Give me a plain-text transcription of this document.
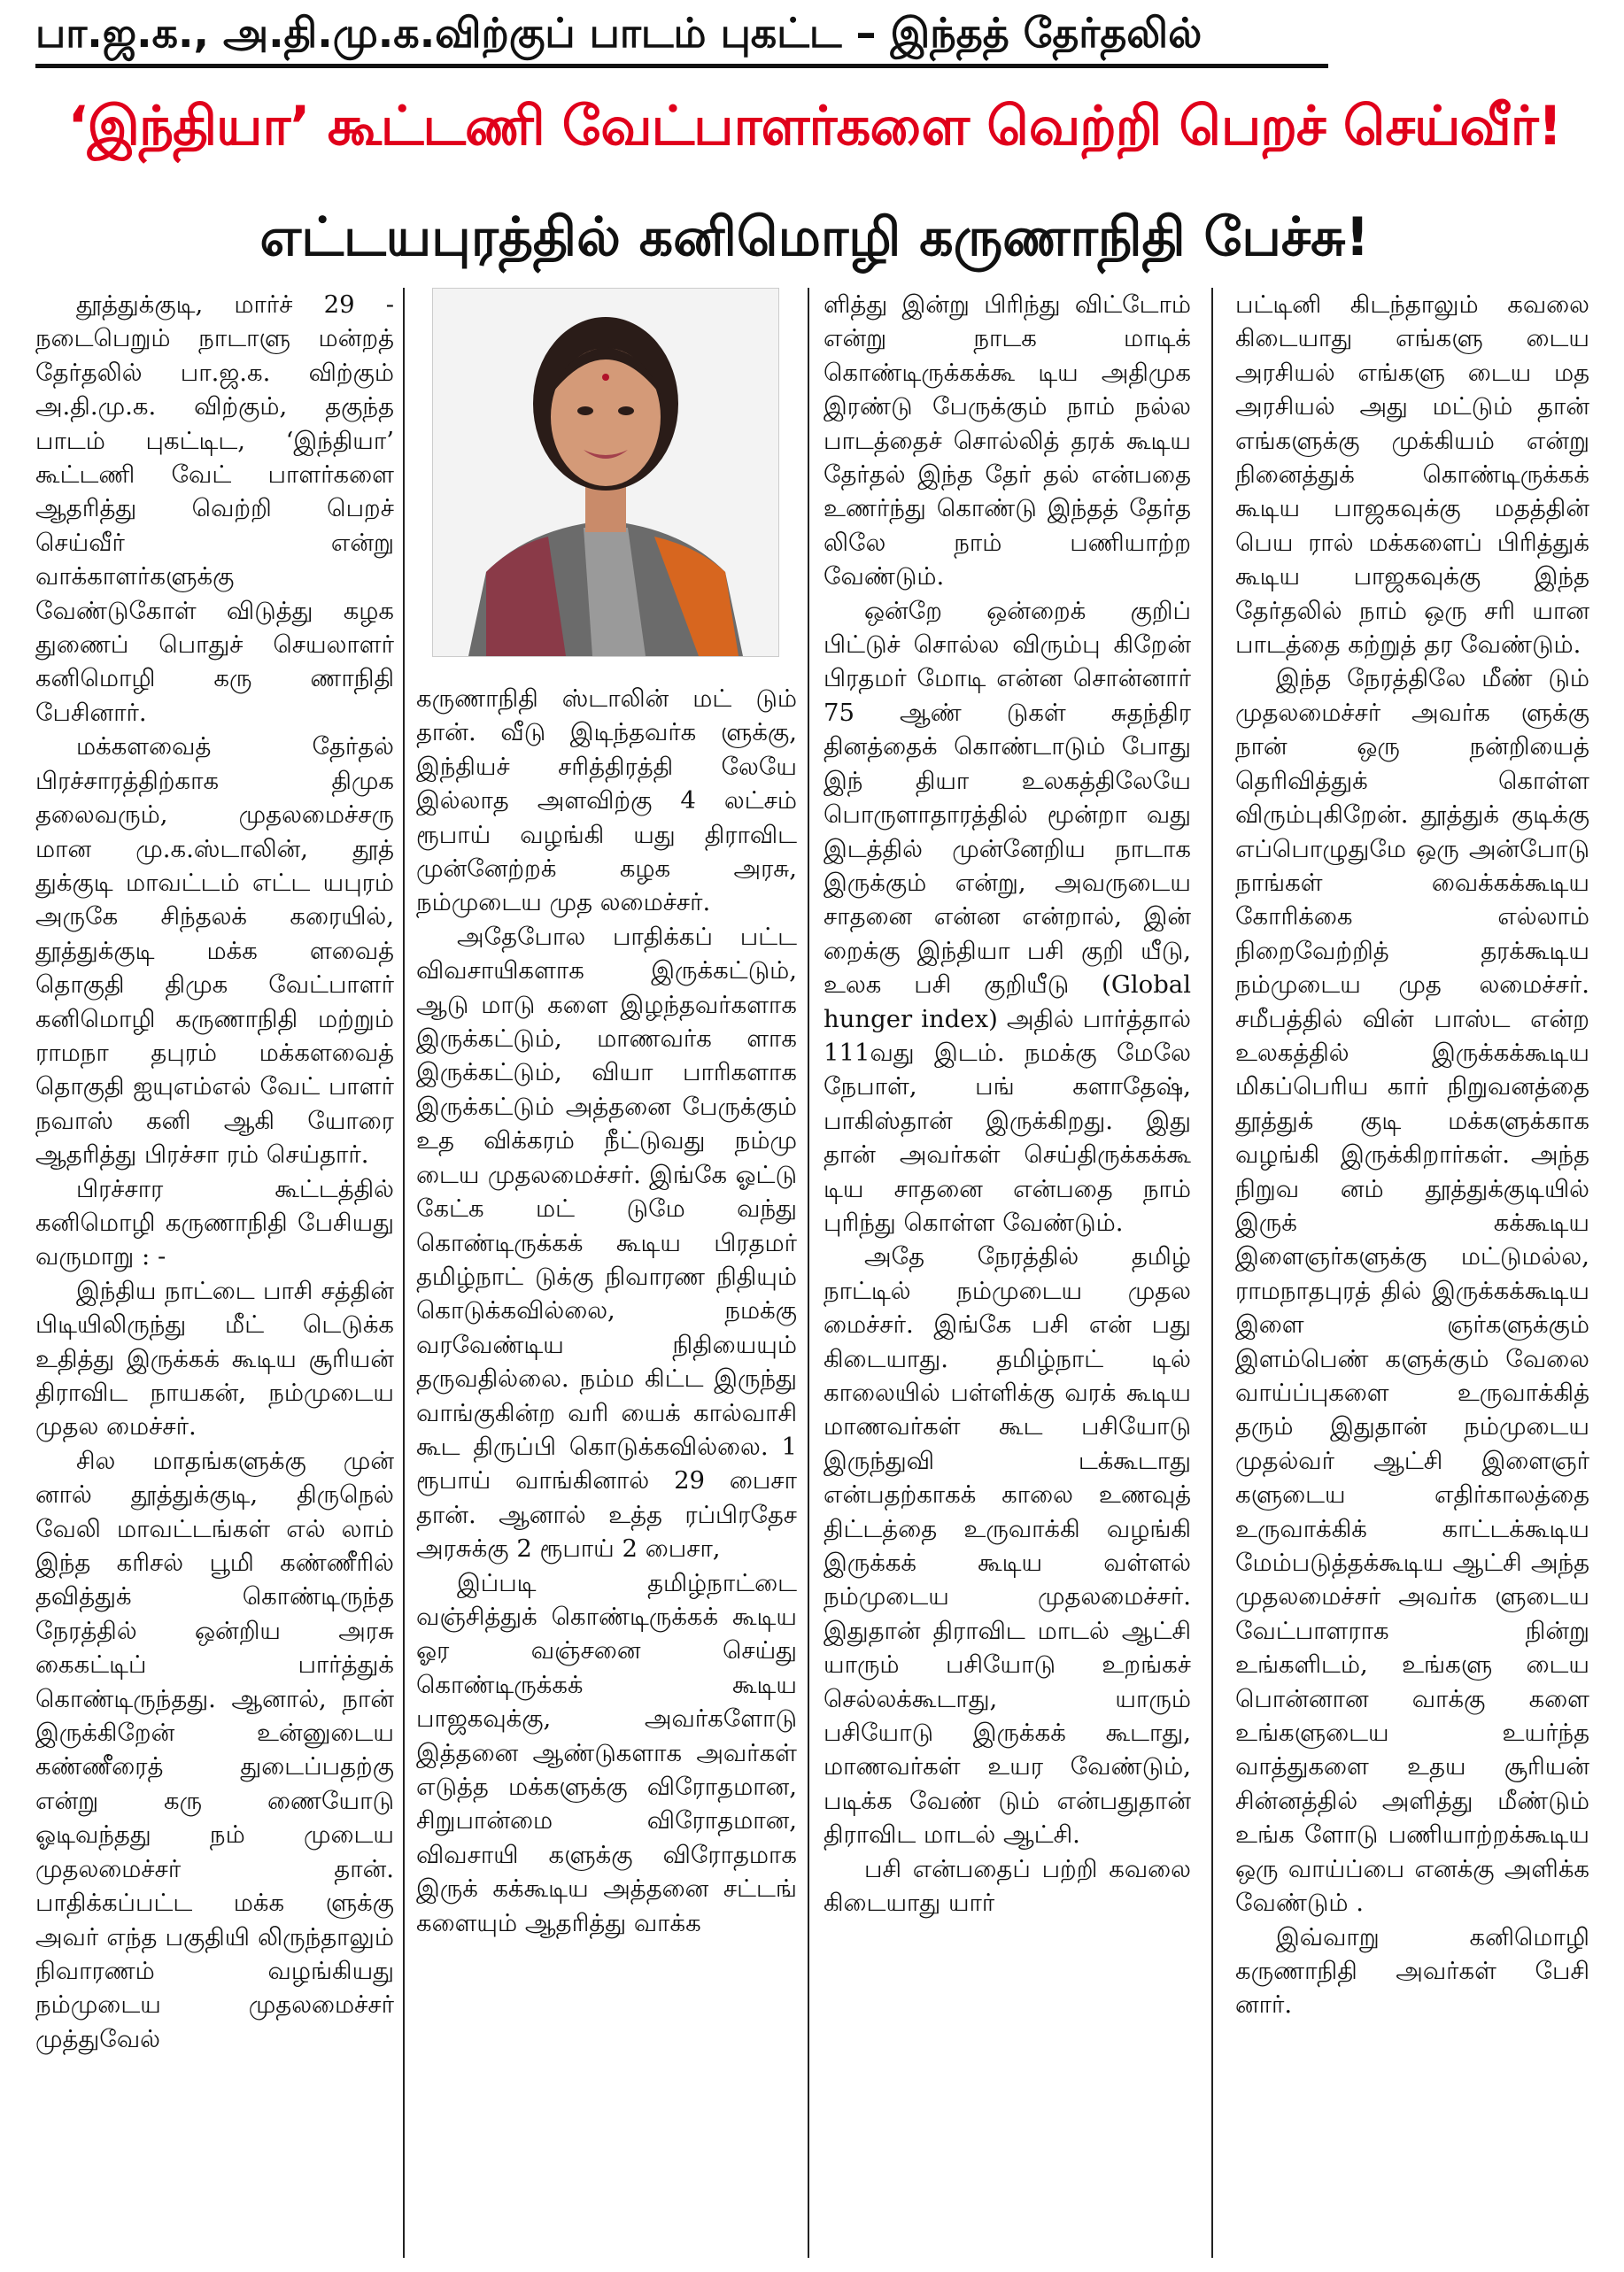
பா.ஜ.க., அ.தி.மு.க.விற்குப் பாடம் புகட்ட – இந்தத் தேர்தலில்
‘இந்தியா’ கூட்டணி வேட்பாளர்களை வெற்றி பெறச் செய்வீர்!
எட்டயபுரத்தில் கனிமொழி கருணாநிதி பேச்சு!

தூத்துக்குடி, மார்ச் 29 - நடைபெறும் நாடாளு மன்றத் தேர்தலில் பா.ஜ.க. விற்கும் அ.தி.மு.க. விற்கும், தகுந்த பாடம் புகட்டிட, ‘இந்தியா’ கூட்டணி வேட் பாளர்களை ஆதரித்து வெற்றி பெறச் செய்வீர் என்று வாக்காளர்களுக்கு வேண்டுகோள் விடுத்து கழக துணைப் பொதுச் செயலாளர் கனிமொழி கரு ணாநிதி பேசினார்.

மக்களவைத் தேர்தல் பிரச்சாரத்திற்காக திமுக தலைவரும், முதலமைச்சரு மான மு.க.ஸ்டாலின், தூத் துக்குடி மாவட்டம் எட்ட யபுரம் அருகே சிந்தலக் கரையில், தூத்துக்குடி மக்க ளவைத் தொகுதி திமுக வேட்பாளர் கனிமொழி கருணாநிதி மற்றும் ராமநா தபுரம் மக்களவைத் தொகுதி ஐயுஎம்எல் வேட் பாளர் நவாஸ் கனி ஆகி யோரை ஆதரித்து பிரச்சா ரம் செய்தார்.

பிரச்சார கூட்டத்தில் கனிமொழி கருணாநிதி பேசியது வருமாறு : -

இந்திய நாட்டை பாசி சத்தின் பிடியிலிருந்து மீட் டெடுக்க உதித்து இருக்கக் கூடிய சூரியன் திராவிட நாயகன், நம்முடைய முதல மைச்சர்.

சில மாதங்களுக்கு முன் னால் தூத்துக்குடி, திருநெல் வேலி மாவட்டங்கள் எல் லாம் இந்த கரிசல் பூமி கண்ணீரில் தவித்துக் கொண்டிருந்த நேரத்தில் ஒன்றிய அரசு கைகட்டிப் பார்த்துக் கொண்டிருந்தது. ஆனால், நான் இருக்கிறேன் உன்னுடைய கண்ணீரைத் துடைப்பதற்கு என்று கரு ணையோடு ஓடிவந்தது நம் முடைய முதலமைச்சர் தான். பாதிக்கப்பட்ட மக்க ளுக்கு அவர் எந்த பகுதியி லிருந்தாலும் நிவாரணம் வழங்கியது நம்முடைய முதலமைச்சர் முத்துவேல்

கருணாநிதி ஸ்டாலின் மட் டும் தான். வீடு இடிந்தவர்க ளுக்கு, இந்தியச் சரித்திரத்தி லேயே இல்லாத அளவிற்கு 4 லட்சம் ரூபாய் வழங்கி யது திராவிட முன்னேற்றக் கழக அரசு, நம்முடைய முத லமைச்சர்.

அதேபோல பாதிக்கப் பட்ட விவசாயிகளாக இருக்கட்டும், ஆடு மாடு களை இழந்தவர்களாக இருக்கட்டும், மாணவர்க ளாக இருக்கட்டும், வியா பாரிகளாக இருக்கட்டும் அத்தனை பேருக்கும் உத விக்கரம் நீட்டுவது நம்மு டைய முதலமைச்சர். இங்கே ஓட்டு கேட்க மட் டுமே வந்து கொண்டிருக்கக் கூடிய பிரதமர் தமிழ்நாட் டுக்கு நிவாரண நிதியும் கொடுக்கவில்லை, நமக்கு வரவேண்டிய நிதியையும் தருவதில்லை. நம்ம கிட்ட இருந்து வாங்குகின்ற வரி யைக் கால்வாசி கூட திருப்பி கொடுக்கவில்லை. 1 ரூபாய் வாங்கினால் 29 பைசா தான். ஆனால் உத்த ரப்பிரதேச அரசுக்கு 2 ரூபாய் 2 பைசா,

இப்படி தமிழ்நாட்டை வஞ்சித்துக் கொண்டிருக்கக் கூடிய ஓர வஞ்சனை செய்து கொண்டிருக்கக் கூடிய பாஜகவுக்கு, அவர்களோடு இத்தனை ஆண்டுகளாக அவர்கள் எடுத்த மக்களுக்கு விரோதமான, சிறுபான்மை விரோதமான, விவசாயி களுக்கு விரோதமாக இருக் கக்கூடிய அத்தனை சட்டங் களையும் ஆதரித்து வாக்க

ளித்து இன்று பிரிந்து விட்டோம் என்று நாடக மாடிக் கொண்டிருக்கக்கூ டிய அதிமுக இரண்டு பேருக்கும் நாம் நல்ல பாடத்தைச் சொல்லித் தரக் கூடிய தேர்தல் இந்த தேர் தல் என்பதை உணர்ந்து கொண்டு இந்தத் தேர்த லிலே நாம் பணியாற்ற வேண்டும்.

ஒன்றே ஒன்றைக் குறிப் பிட்டுச் சொல்ல விரும்பு கிறேன் பிரதமர் மோடி என்ன சொன்னார் 75 ஆண் டுகள் சுதந்திர தினத்தைக் கொண்டாடும் போது இந் தியா உலகத்திலேயே பொருளாதாரத்தில் மூன்றா வது இடத்தில் முன்னேறிய நாடாக இருக்கும் என்று, அவருடைய சாதனை என்ன என்றால், இன் றைக்கு இந்தியா பசி குறி யீடு, உலக பசி குறியீடு (Global hunger index) அதில் பார்த்தால் 111வது இடம். நமக்கு மேலே நேபாள், பங் களாதேஷ், பாகிஸ்தான் இருக்கிறது. இது தான் அவர்கள் செய்திருக்கக்கூ டிய சாதனை என்பதை நாம் புரிந்து கொள்ள வேண்டும்.

அதே நேரத்தில் தமிழ் நாட்டில் நம்முடைய முதல மைச்சர். இங்கே பசி என் பது கிடையாது. தமிழ்நாட் டில் காலையில் பள்ளிக்கு வரக் கூடிய மாணவர்கள் கூட பசியோடு இருந்துவி டக்கூடாது என்பதற்காகக் காலை உணவுத் திட்டத்தை உருவாக்கி வழங்கி இருக்கக் கூடிய வள்ளல் நம்முடைய முதலமைச்சர். இதுதான் திராவிட மாடல் ஆட்சி யாரும் பசியோடு உறங்கச் செல்லக்கூடாது, யாரும் பசியோடு இருக்கக் கூடாது, மாணவர்கள் உயர வேண்டும், படிக்க வேண் டும் என்பதுதான் திராவிட மாடல் ஆட்சி.

பசி என்பதைப் பற்றி கவலை கிடையாது யார்

பட்டினி கிடந்தாலும் கவலை கிடையாது எங்களு டைய அரசியல் எங்களு டைய மத அரசியல் அது மட்டும் தான் எங்களுக்கு முக்கியம் என்று நினைத்துக் கொண்டிருக்கக் கூடிய பாஜகவுக்கு மதத்தின் பெய ரால் மக்களைப் பிரித்துக் கூடிய பாஜகவுக்கு இந்த தேர்தலில் நாம் ஒரு சரி யான பாடத்தை கற்றுத் தர வேண்டும்.

இந்த நேரத்திலே மீண் டும் முதலமைச்சர் அவர்க ளுக்கு நான் ஒரு நன்றியைத் தெரிவித்துக் கொள்ள விரும்புகிறேன். தூத்துக் குடிக்கு எப்பொழுதுமே ஒரு அன்போடு நாங்கள் வைக்கக்கூடிய கோரிக்கை எல்லாம் நிறைவேற்றித் தரக்கூடிய நம்முடைய முத லமைச்சர். சமீபத்தில் வின் பாஸ்ட என்ற உலகத்தில் இருக்கக்கூடிய மிகப்பெரிய கார் நிறுவனத்தை தூத்துக் குடி மக்களுக்காக வழங்கி இருக்கிறார்கள். அந்த நிறுவ னம் தூத்துக்குடியில் இருக் கக்கூடிய இளைஞர்களுக்கு மட்டுமல்ல, ராமநாதபுரத் தில் இருக்கக்கூடிய இளை ஞர்களுக்கும் இளம்பெண் களுக்கும் வேலை வாய்ப்புகளை உருவாக்கித் தரும் இதுதான் நம்முடைய முதல்வர் ஆட்சி இளைஞர் களுடைய எதிர்காலத்தை உருவாக்கிக் காட்டக்கூடிய மேம்படுத்தக்கூடிய ஆட்சி அந்த முதலமைச்சர் அவர்க ளுடைய வேட்பாளராக நின்று உங்களிடம், உங்களு டைய பொன்னான வாக்கு களை உங்களுடைய உயர்ந்த வாத்துகளை உதய சூரியன் சின்னத்தில் அளித்து மீண்டும் உங்க ளோடு பணியாற்றக்கூடிய ஒரு வாய்ப்பை எனக்கு அளிக்க வேண்டும் .

இவ்வாறு கனிமொழி கருணாநிதி அவர்கள் பேசி னார்.
